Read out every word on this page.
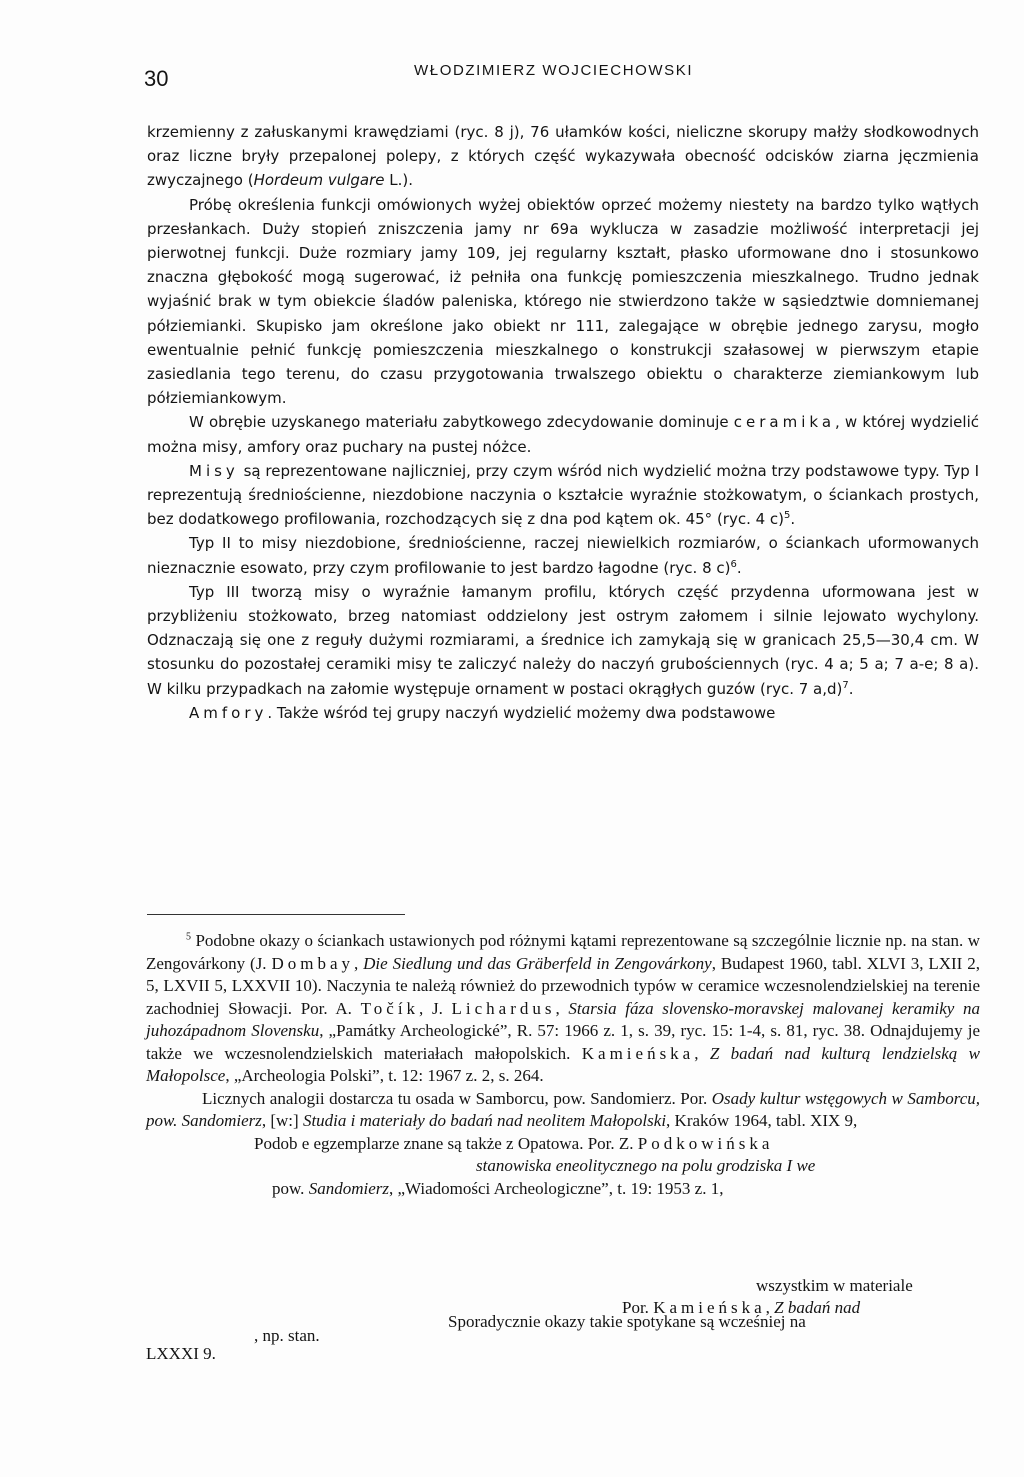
30	WŁODZIMIERZ WOJCIECHOWSKI

krzemienny z załuskanymi krawędziami (ryc. 8 j), 76 ułamków kości, nieliczne skorupy małży słodkowodnych oraz liczne bryły przepalonej polepy, z których część wykazywała obecność odcisków ziarna jęczmienia zwyczajnego (Hordeum vulgare L.).

Próbę określenia funkcji omówionych wyżej obiektów oprzeć możemy niestety na bardzo tylko wątłych przesłankach. Duży stopień zniszczenia jamy nr 69a wyklucza w zasadzie możliwość interpretacji jej pierwotnej funkcji. Duże rozmiary jamy 109, jej regularny kształt, płasko uformowane dno i stosunkowo znaczna głębokość mogą sugerować, iż pełniła ona funkcję pomieszczenia mieszkalnego. Trudno jednak wyjaśnić brak w tym obiekcie śladów paleniska, którego nie stwierdzono także w sąsiedztwie domniemanej półziemianki. Skupisko jam określone jako obiekt nr 111, zalegające w obrębie jednego zarysu, mogło ewentualnie pełnić funkcję pomieszczenia mieszkalnego o konstrukcji szałasowej w pierwszym etapie zasiedlania tego terenu, do czasu przygotowania trwalszego obiektu o charakterze ziemiankowym lub półziemiankowym.

W obrębie uzyskanego materiału zabytkowego zdecydowanie dominuje ceramika, w której wydzielić można misy, amfory oraz puchary na pustej nóżce.

Misy są reprezentowane najliczniej, przy czym wśród nich wydzielić można trzy podstawowe typy. Typ I reprezentują średniościenne, niezdobione naczynia o kształcie wyraźnie stożkowatym, o ściankach prostych, bez dodatkowego profilowania, rozchodzących się z dna pod kątem ok. 45° (ryc. 4 c)$^5$.

Typ II to misy niezdobione, średniościenne, raczej niewielkich rozmiarów, o ściankach uformowanych nieznacznie esowato, przy czym profilowanie to jest bardzo łagodne (ryc. 8 c)$^6$.

Typ III tworzą misy o wyraźnie łamanym profilu, których część przydenna uformowana jest w przybliżeniu stożkowato, brzeg natomiast oddzielony jest ostrym załomem i silnie lejowato wychylony. Odznaczają się one z reguły dużymi rozmiarami, a średnice ich zamykają się w granicach 25,5—30,4 cm. W stosunku do pozostałej ceramiki misy te zaliczyć należy do naczyń grubościennych (ryc. 4 a; 5 a; 7 a-e; 8 a). W kilku przypadkach na załomie występuje ornament w postaci okrągłych guzów (ryc. 7 a,d)$^7$.

Amfory. Także wśród tej grupy naczyń wydzielić możemy dwa podstawowe

$^5$ Podobne okazy o ściankach ustawionych pod różnymi kątami reprezentowane są szczególnie licznie np. na stan. w Zengovárkony (J. Dombay, Die Siedlung und das Gräberfeld in Zengovárkony, Budapest 1960, tabl. XLVI 3, LXII 2, 5, LXVII 5, LXXVII 10). Naczynia te należą również do przewodnich typów w ceramice wczesnolendzielskiej na terenie zachodniej Słowacji. Por. A. Točík, J. Lichardus, Starsia fáza slovensko-moravskej malovanej keramiky na juhozápadnom Slovensku, „Památky Archeologické”, R. 57: 1966 z. 1, s. 39, ryc. 15: 1-4, s. 81, ryc. 38. Odnajdujemy je także we wczesnolendzielskich materiałach małopolskich. Kamieńska, Z badań nad kulturą lendzielską w Małopolsce, „Archeologia Polski”, t. 12: 1967 z. 2, s. 264.

Licznych analogii dostarcza tu osada w Samborcu, pow. Sandomierz. Por. Osady kultur wstęgowych w Samborcu, pow. Sandomierz, [w:] Studia i materiały do badań nad neolitem Małopolski, Kraków 1964, tabl. XIX 9,

Podob e egzemplarze znane są także z Opatowa. Por. Z. Podkowińska

stanowiska eneolitycznego na polu grodziska I we

pow. Sandomierz, „Wiadomości Archeologiczne”, t. 19: 1953 z. 1,

wszystkim w materiale
Por. Kamieńska, Z badań nad
Sporadycznie okazy takie spotykane są wcześniej na
, np. stan.
LXXXI 9.
